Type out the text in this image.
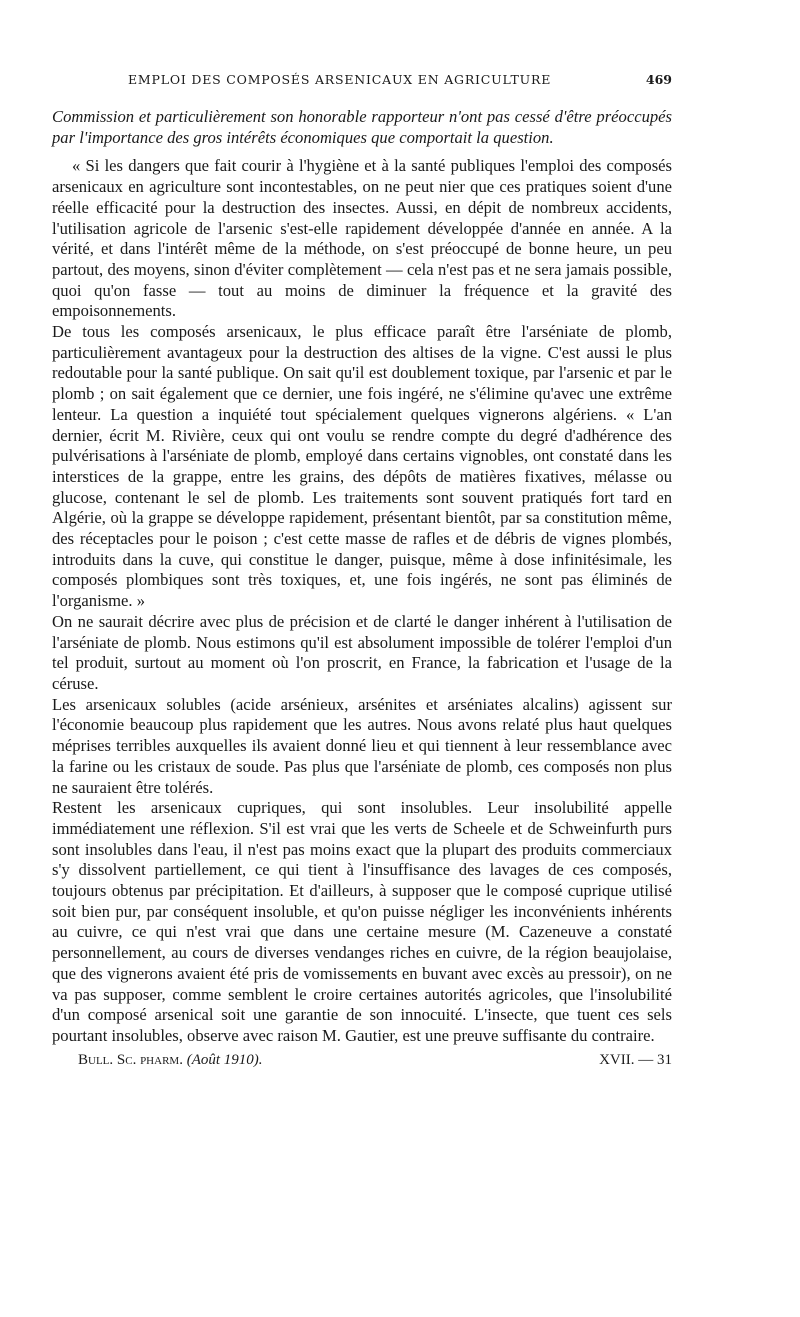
EMPLOI DES COMPOSÉS ARSENICAUX EN AGRICULTURE	469

Commission et particulièrement son honorable rapporteur n'ont pas cessé d'être préoccupés par l'importance des gros intérêts économiques que comportait la question.

« Si les dangers que fait courir à l'hygiène et à la santé publiques l'emploi des composés arsenicaux en agriculture sont incontestables, on ne peut nier que ces pratiques soient d'une réelle efficacité pour la destruction des insectes. Aussi, en dépit de nombreux accidents, l'utilisation agricole de l'arsenic s'est-elle rapidement développée d'année en année. A la vérité, et dans l'intérêt même de la méthode, on s'est préoccupé de bonne heure, un peu partout, des moyens, sinon d'éviter complètement — cela n'est pas et ne sera jamais possible, quoi qu'on fasse — tout au moins de diminuer la fréquence et la gravité des empoisonnements.

De tous les composés arsenicaux, le plus efficace paraît être l'arséniate de plomb, particulièrement avantageux pour la destruction des altises de la vigne. C'est aussi le plus redoutable pour la santé publique. On sait qu'il est doublement toxique, par l'arsenic et par le plomb ; on sait également que ce dernier, une fois ingéré, ne s'élimine qu'avec une extrême lenteur. La question a inquiété tout spécialement quelques vignerons algériens. « L'an dernier, écrit M. Rivière, ceux qui ont voulu se rendre compte du degré d'adhérence des pulvérisations à l'arséniate de plomb, employé dans certains vignobles, ont constaté dans les interstices de la grappe, entre les grains, des dépôts de matières fixatives, mélasse ou glucose, contenant le sel de plomb. Les traitements sont souvent pratiqués fort tard en Algérie, où la grappe se développe rapidement, présentant bientôt, par sa constitution même, des réceptacles pour le poison ; c'est cette masse de rafles et de débris de vignes plombés, introduits dans la cuve, qui constitue le danger, puisque, même à dose infinitésimale, les composés plombiques sont très toxiques, et, une fois ingérés, ne sont pas éliminés de l'organisme. »

On ne saurait décrire avec plus de précision et de clarté le danger inhérent à l'utilisation de l'arséniate de plomb. Nous estimons qu'il est absolument impossible de tolérer l'emploi d'un tel produit, surtout au moment où l'on proscrit, en France, la fabrication et l'usage de la céruse.

Les arsenicaux solubles (acide arsénieux, arsénites et arséniates alcalins) agissent sur l'économie beaucoup plus rapidement que les autres. Nous avons relaté plus haut quelques méprises terribles auxquelles ils avaient donné lieu et qui tiennent à leur ressemblance avec la farine ou les cristaux de soude. Pas plus que l'arséniate de plomb, ces composés non plus ne sauraient être tolérés.

Restent les arsenicaux cupriques, qui sont insolubles. Leur insolubilité appelle immédiatement une réflexion. S'il est vrai que les verts de Scheele et de Schweinfurth purs sont insolubles dans l'eau, il n'est pas moins exact que la plupart des produits commerciaux s'y dissolvent partiellement, ce qui tient à l'insuffisance des lavages de ces composés, toujours obtenus par précipitation. Et d'ailleurs, à supposer que le composé cuprique utilisé soit bien pur, par conséquent insoluble, et qu'on puisse négliger les inconvénients inhérents au cuivre, ce qui n'est vrai que dans une certaine mesure (M. Cazeneuve a constaté personnellement, au cours de diverses vendanges riches en cuivre, de la région beaujolaise, que des vignerons avaient été pris de vomissements en buvant avec excès au pressoir), on ne va pas supposer, comme semblent le croire certaines autorités agricoles, que l'insolubilité d'un composé arsenical soit une garantie de son innocuité. L'insecte, que tuent ces sels pourtant insolubles, observe avec raison M. Gautier, est une preuve suffisante du contraire.

Bull. Sc. pharm. (Août 1910).	XVII. — 31
